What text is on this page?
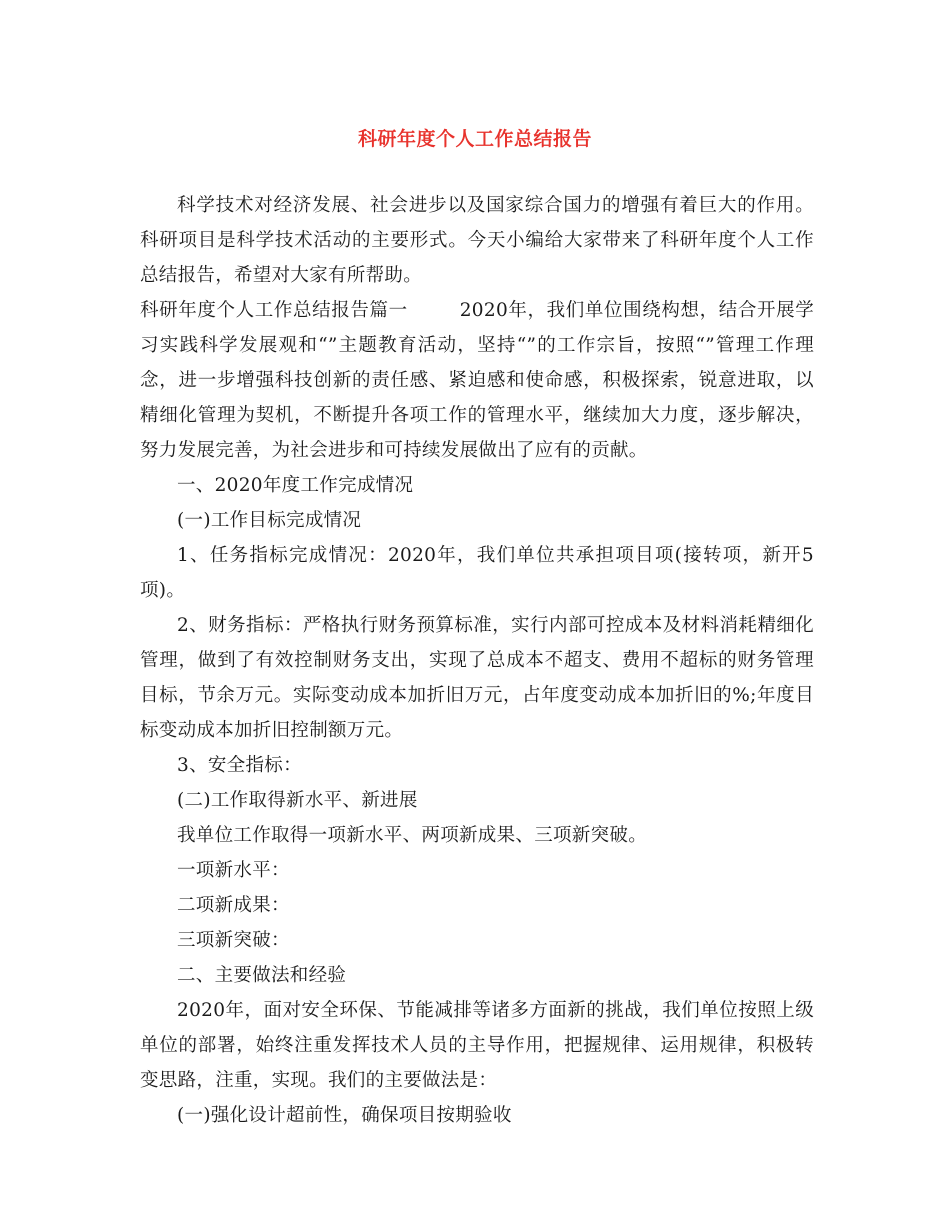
科研年度个人工作总结报告

科学技术对经济发展、社会进步以及国家综合国力的增强有着巨大的作用。科研项目是科学技术活动的主要形式。今天小编给大家带来了科研年度个人工作总结报告，希望对大家有所帮助。

科研年度个人工作总结报告篇一	2020年，我们单位围绕构想，结合开展学习实践科学发展观和“”主题教育活动，坚持“”的工作宗旨，按照“”管理工作理念，进一步增强科技创新的责任感、紧迫感和使命感，积极探索，锐意进取，以精细化管理为契机，不断提升各项工作的管理水平，继续加大力度，逐步解决，努力发展完善，为社会进步和可持续发展做出了应有的贡献。

一、2020年度工作完成情况

(一)工作目标完成情况

1、任务指标完成情况：2020年，我们单位共承担项目项(接转项，新开5项)。

2、财务指标：严格执行财务预算标准，实行内部可控成本及材料消耗精细化管理，做到了有效控制财务支出，实现了总成本不超支、费用不超标的财务管理目标，节余万元。实际变动成本加折旧万元，占年度变动成本加折旧的%;年度目标变动成本加折旧控制额万元。

3、安全指标：

(二)工作取得新水平、新进展

我单位工作取得一项新水平、两项新成果、三项新突破。

一项新水平：

二项新成果：

三项新突破：

二、主要做法和经验

2020年，面对安全环保、节能减排等诸多方面新的挑战，我们单位按照上级单位的部署，始终注重发挥技术人员的主导作用，把握规律、运用规律，积极转变思路，注重，实现。我们的主要做法是：

(一)强化设计超前性，确保项目按期验收
